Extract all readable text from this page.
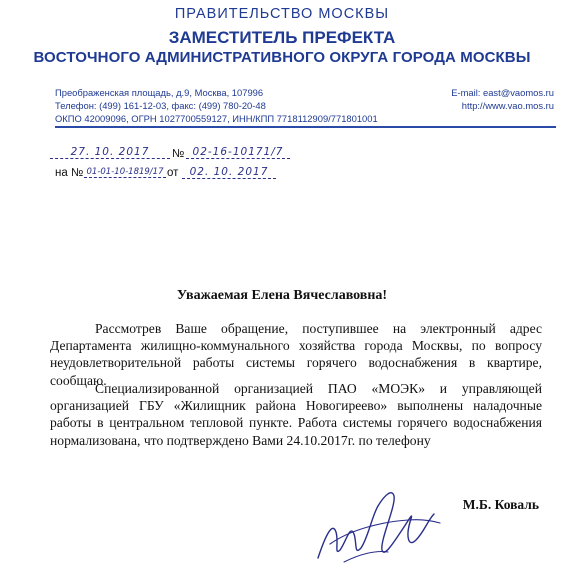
ПРАВИТЕЛЬСТВО МОСКВЫ
ЗАМЕСТИТЕЛЬ ПРЕФЕКТА
ВОСТОЧНОГО АДМИНИСТРАТИВНОГО ОКРУГА ГОРОДА МОСКВЫ
Преображенская площадь, д.9, Москва, 107996
Телефон: (499) 161-12-03, факс: (499) 780-20-48
ОКПО 42009096, ОГРН 1027700559127, ИНН/КПП 7718112909/771801001
E-mail: east@vaomos.ru
http://www.vao.mos.ru
27. 10. 2017	№ 02-16-10171/7
на № 01-01-10-1819/17 от	02. 10. 2017
Уважаемая Елена Вячеславовна!
Рассмотрев Ваше обращение, поступившее на электронный адрес Департамента жилищно-коммунального хозяйства города Москвы, по вопросу неудовлетворительной работы системы горячего водоснабжения в квартире, сообщаю.
Специализированной организацией ПАО «МОЭК» и управляющей организацией ГБУ «Жилищник района Новогиреево» выполнены наладочные работы в центральном тепловой пункте. Работа системы горячего водоснабжения нормализована, что подтверждено Вами 24.10.2017г. по телефону
М.Б. Коваль
